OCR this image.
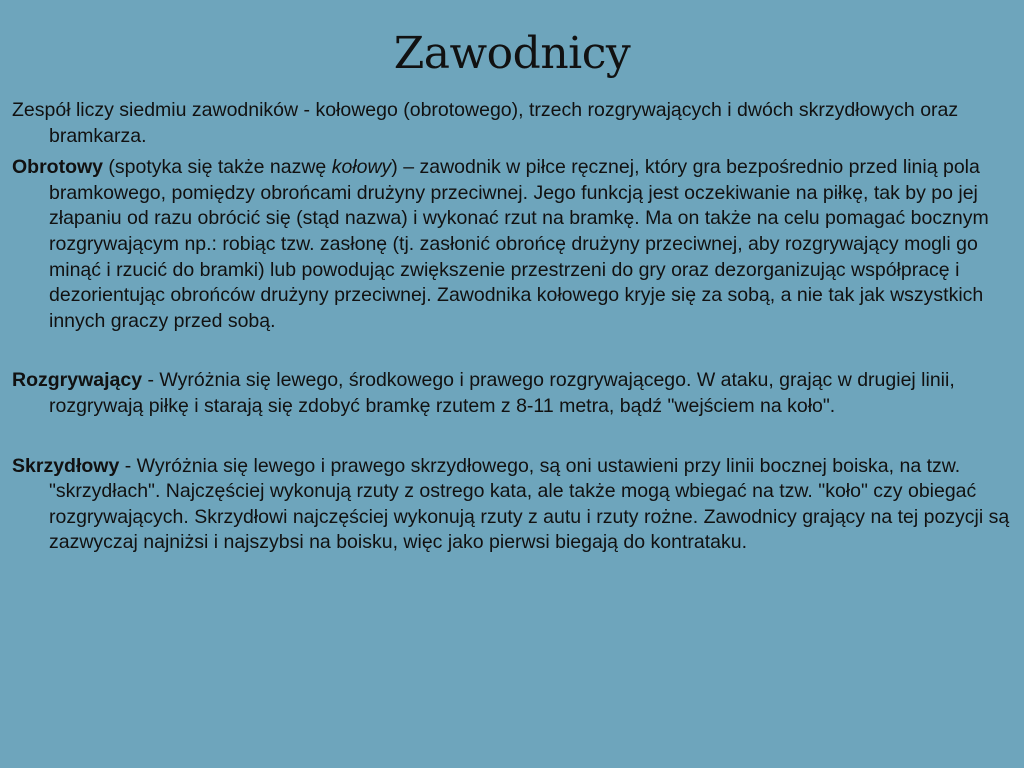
Zawodnicy

Zespół liczy siedmiu zawodników - kołowego (obrotowego), trzech rozgrywających i dwóch skrzydłowych oraz bramkarza.

Obrotowy (spotyka się także nazwę kołowy) – zawodnik w piłce ręcznej, który gra bezpośrednio przed linią pola bramkowego, pomiędzy obrońcami drużyny przeciwnej. Jego funkcją jest oczekiwanie na piłkę, tak by po jej złapaniu od razu obrócić się (stąd nazwa) i wykonać rzut na bramkę. Ma on także na celu pomagać bocznym rozgrywającym np.: robiąc tzw. zasłonę (tj. zasłonić obrońcę drużyny przeciwnej, aby rozgrywający mogli go minąć i rzucić do bramki) lub powodując zwiększenie przestrzeni do gry oraz dezorganizując współpracę i dezorientując obrońców drużyny przeciwnej. Zawodnika kołowego kryje się za sobą, a nie tak jak wszystkich innych graczy przed sobą.

Rozgrywający - Wyróżnia się lewego, środkowego i prawego rozgrywającego. W ataku, grając w drugiej linii, rozgrywają piłkę i starają się zdobyć bramkę rzutem z 8-11 metra, bądź "wejściem na koło".

Skrzydłowy - Wyróżnia się lewego i prawego skrzydłowego, są oni ustawieni przy linii bocznej boiska, na tzw. "skrzydłach". Najczęściej wykonują rzuty z ostrego kata, ale także mogą wbiegać na tzw. "koło" czy obiegać rozgrywających. Skrzydłowi najczęściej wykonują rzuty z autu i rzuty rożne. Zawodnicy grający na tej pozycji są zazwyczaj najniżsi i najszybsi na boisku, więc jako pierwsi biegają do kontrataku.
